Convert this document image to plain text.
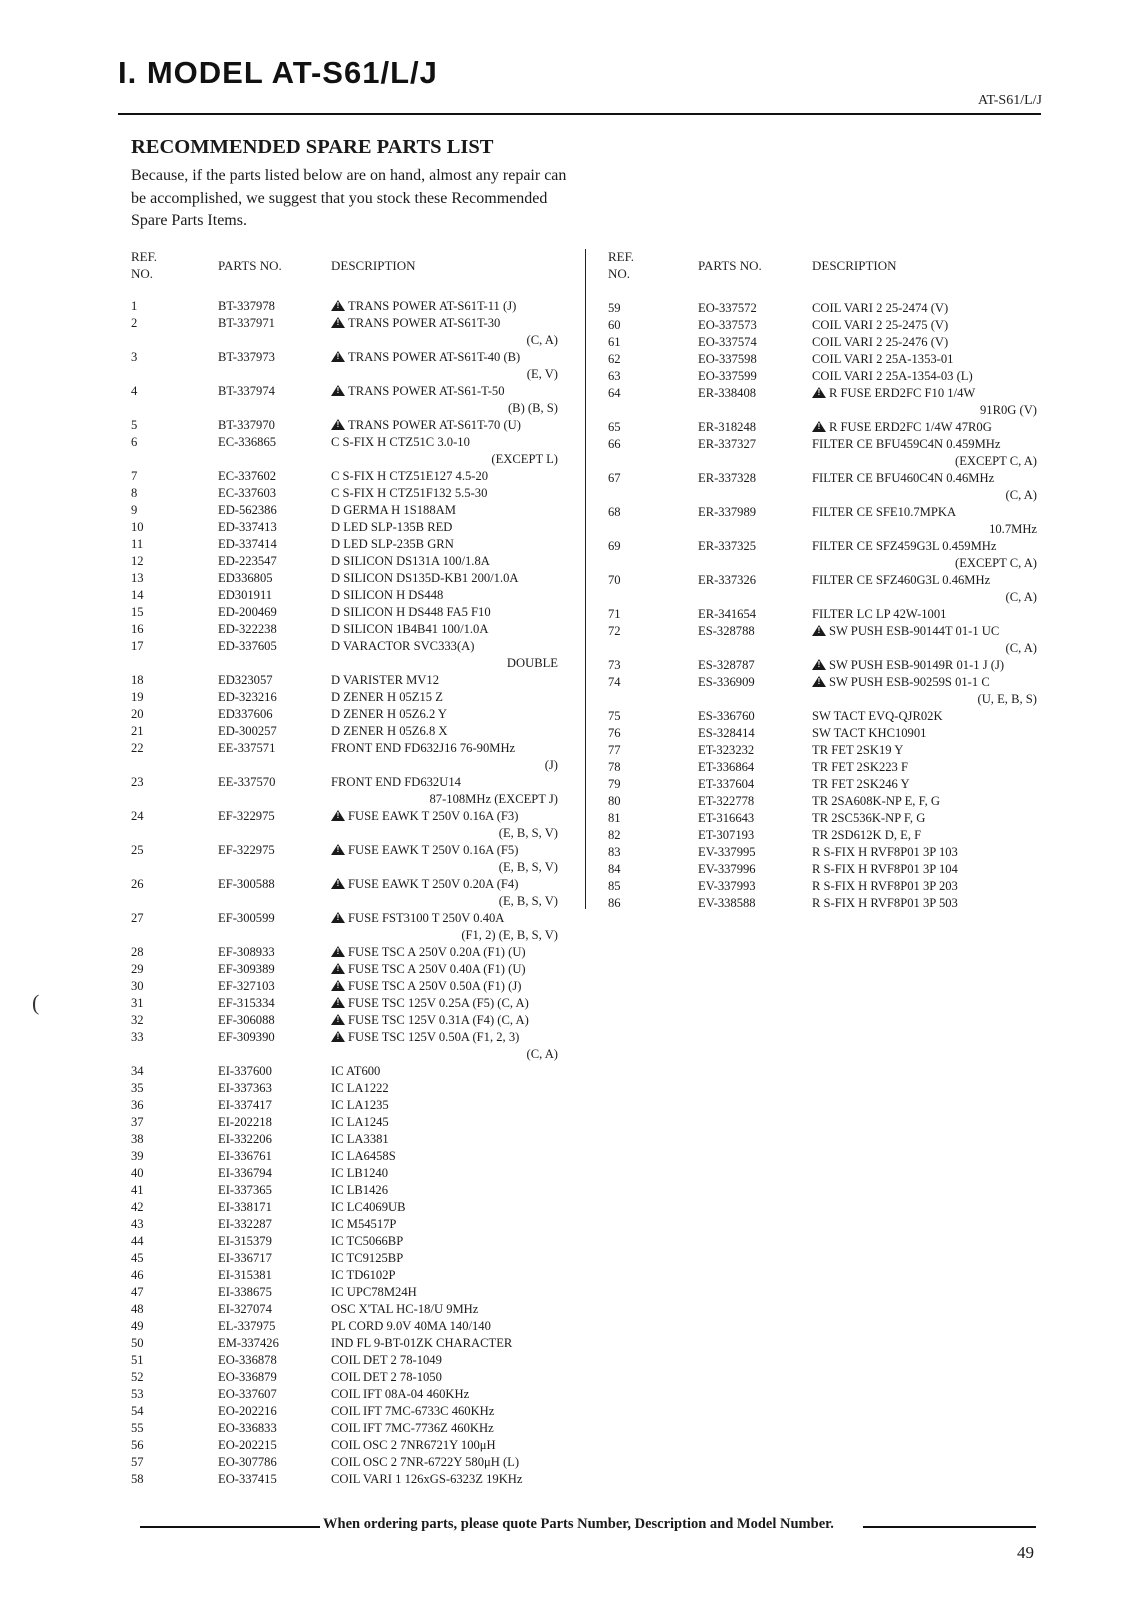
I. MODEL AT-S61/L/J
AT-S61/L/J
RECOMMENDED SPARE PARTS LIST
Because, if the parts listed below are on hand, almost any repair can be accomplished, we suggest that you stock these Recommended Spare Parts Items.
REF.
NO.
PARTS NO.	DESCRIPTION
REF.
NO.
PARTS NO.	DESCRIPTION
1	BT-337978 !	TRANS POWER AT-S61T-11 (J)
2	BT-337971 !	TRANS POWER AT-S61T-30
(C, A)
3	BT-337973 !	TRANS POWER AT-S61T-40 (B)
(E, V)
4	BT-337974 !	TRANS POWER AT-S61-T-50
(B) (B, S)
5	BT-337970 !	TRANS POWER AT-S61T-70 (U)
6	EC-336865	C S-FIX H CTZ51C 3.0-10
(EXCEPT L)
7	EC-337602	C S-FIX H CTZ51E127 4.5-20
8	EC-337603	C S-FIX H CTZ51F132 5.5-30
9	ED-562386	D GERMA H 1S188AM
10	ED-337413	D LED SLP-135B RED
11	ED-337414	D LED SLP-235B GRN
12	ED-223547	D SILICON DS131A 100/1.8A
13	ED336805	D SILICON DS135D-KB1 200/1.0A
14	ED301911	D SILICON H DS448
15	ED-200469	D SILICON H DS448 FA5 F10
16	ED-322238	D SILICON 1B4B41 100/1.0A
17	ED-337605	D VARACTOR SVC333(A)
DOUBLE
18	ED323057	D VARISTER MV12
19	ED-323216	D ZENER H 05Z15 Z
20	ED337606	D ZENER H 05Z6.2 Y
21	ED-300257	D ZENER H 05Z6.8 X
22	EE-337571	FRONT END FD632J16 76-90MHz
(J)
23	EE-337570	FRONT END FD632U14
87-108MHz (EXCEPT J)
24	EF-322975 !	FUSE EAWK T 250V 0.16A (F3)
(E, B, S, V)
25	EF-322975 !	FUSE EAWK T 250V 0.16A (F5)
(E, B, S, V)
26	EF-300588 !	FUSE EAWK T 250V 0.20A (F4)
(E, B, S, V)
27	EF-300599 !	FUSE FST3100 T 250V 0.40A
(F1, 2) (E, B, S, V)
28	EF-308933 !	FUSE TSC A 250V 0.20A (F1) (U)
29	EF-309389 !	FUSE TSC A 250V 0.40A (F1) (U)
30	EF-327103 !	FUSE TSC A 250V 0.50A (F1) (J)
31	EF-315334 !	FUSE TSC 125V 0.25A (F5) (C, A)
32	EF-306088 !	FUSE TSC 125V 0.31A (F4) (C, A)
33	EF-309390 !	FUSE TSC 125V 0.50A (F1, 2, 3)
(C, A)
34	EI-337600	IC AT600
35	EI-337363	IC LA1222
36	EI-337417	IC LA1235
37	EI-202218	IC LA1245
38	EI-332206	IC LA3381
39	EI-336761	IC LA6458S
40	EI-336794	IC LB1240
41	EI-337365	IC LB1426
42	EI-338171	IC LC4069UB
43	EI-332287	IC M54517P
44	EI-315379	IC TC5066BP
45	EI-336717	IC TC9125BP
46	EI-315381	IC TD6102P
47	EI-338675	IC UPC78M24H
48	EI-327074	OSC X'TAL HC-18/U 9MHz
49	EL-337975	PL CORD 9.0V 40MA 140/140
50	EM-337426	IND FL 9-BT-01ZK CHARACTER
51	EO-336878	COIL DET 2 78-1049
52	EO-336879	COIL DET 2 78-1050
53	EO-337607	COIL IFT 08A-04 460KHz
54	EO-202216	COIL IFT 7MC-6733C 460KHz
55	EO-336833	COIL IFT 7MC-7736Z 460KHz
56	EO-202215	COIL OSC 2 7NR6721Y 100μH
57	EO-307786	COIL OSC 2 7NR-6722Y 580μH (L)
58	EO-337415	COIL VARI 1 126xGS-6323Z 19KHz
59	EO-337572	COIL VARI 2 25-2474 (V)
60	EO-337573	COIL VARI 2 25-2475 (V)
61	EO-337574	COIL VARI 2 25-2476 (V)
62	EO-337598	COIL VARI 2 25A-1353-01
63	EO-337599	COIL VARI 2 25A-1354-03 (L)
64	ER-338408 !	R FUSE ERD2FC F10 1/4W
91R0G (V)
65	ER-318248 !	R FUSE ERD2FC 1/4W 47R0G
66	ER-337327	FILTER CE BFU459C4N 0.459MHz
(EXCEPT C, A)
67	ER-337328	FILTER CE BFU460C4N 0.46MHz
(C, A)
68	ER-337989	FILTER CE SFE10.7MPKA
10.7MHz
69	ER-337325	FILTER CE SFZ459G3L 0.459MHz
(EXCEPT C, A)
70	ER-337326	FILTER CE SFZ460G3L 0.46MHz
(C, A)
71	ER-341654	FILTER LC LP 42W-1001
72	ES-328788 !	SW PUSH ESB-90144T 01-1 UC
(C, A)
73	ES-328787 !	SW PUSH ESB-90149R 01-1 J (J)
74	ES-336909 !	SW PUSH ESB-90259S 01-1 C
(U, E, B, S)
75	ES-336760	SW TACT EVQ-QJR02K
76	ES-328414	SW TACT KHC10901
77	ET-323232	TR FET 2SK19 Y
78	ET-336864	TR FET 2SK223 F
79	ET-337604	TR FET 2SK246 Y
80	ET-322778	TR 2SA608K-NP E, F, G
81	ET-316643	TR 2SC536K-NP F, G
82	ET-307193	TR 2SD612K D, E, F
83	EV-337995	R S-FIX H RVF8P01 3P 103
84	EV-337996	R S-FIX H RVF8P01 3P 104
85	EV-337993	R S-FIX H RVF8P01 3P 203
86	EV-338588	R S-FIX H RVF8P01 3P 503
When ordering parts, please quote Parts Number, Description and Model Number.
49
(
